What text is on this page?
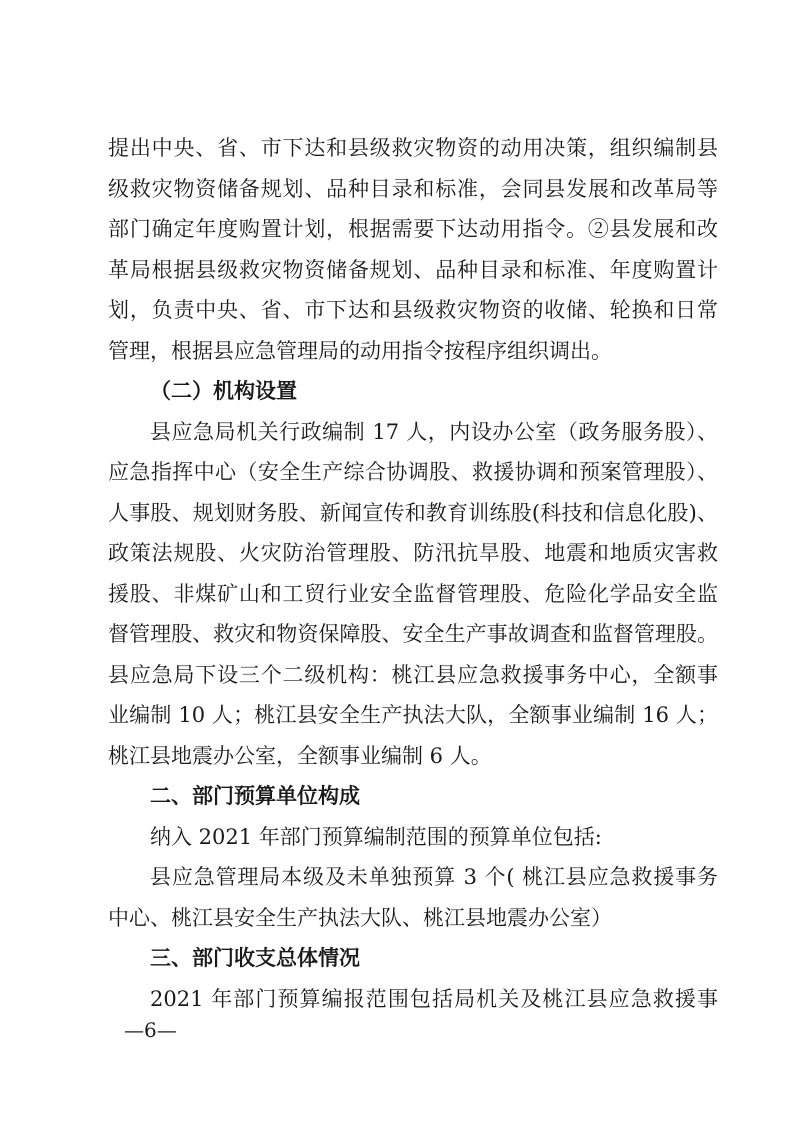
提出中央、省、市下达和县级救灾物资的动用决策，组织编制县
级救灾物资储备规划、品种目录和标准，会同县发展和改革局等
部门确定年度购置计划，根据需要下达动用指令。②县发展和改
革局根据县级救灾物资储备规划、品种目录和标准、年度购置计
划，负责中央、省、市下达和县级救灾物资的收储、轮换和日常
管理，根据县应急管理局的动用指令按程序组织调出。
（二）机构设置
县应急局机关行政编制 17 人，内设办公室（政务服务股）、
应急指挥中心（安全生产综合协调股、救援协调和预案管理股）、
人事股、规划财务股、新闻宣传和教育训练股(科技和信息化股)、
政策法规股、火灾防治管理股、防汛抗旱股、地震和地质灾害救
援股、非煤矿山和工贸行业安全监督管理股、危险化学品安全监
督管理股、救灾和物资保障股、安全生产事故调查和监督管理股。
县应急局下设三个二级机构：桃江县应急救援事务中心，全额事
业编制 10 人；桃江县安全生产执法大队，全额事业编制 16 人；
桃江县地震办公室，全额事业编制 6 人。
二、部门预算单位构成
纳入 2021 年部门预算编制范围的预算单位包括:
县应急管理局本级及未单独预算 3 个( 桃江县应急救援事务
中心、桃江县安全生产执法大队、桃江县地震办公室）
三、部门收支总体情况
2021 年部门预算编报范围包括局机关及桃江县应急救援事
—6—
